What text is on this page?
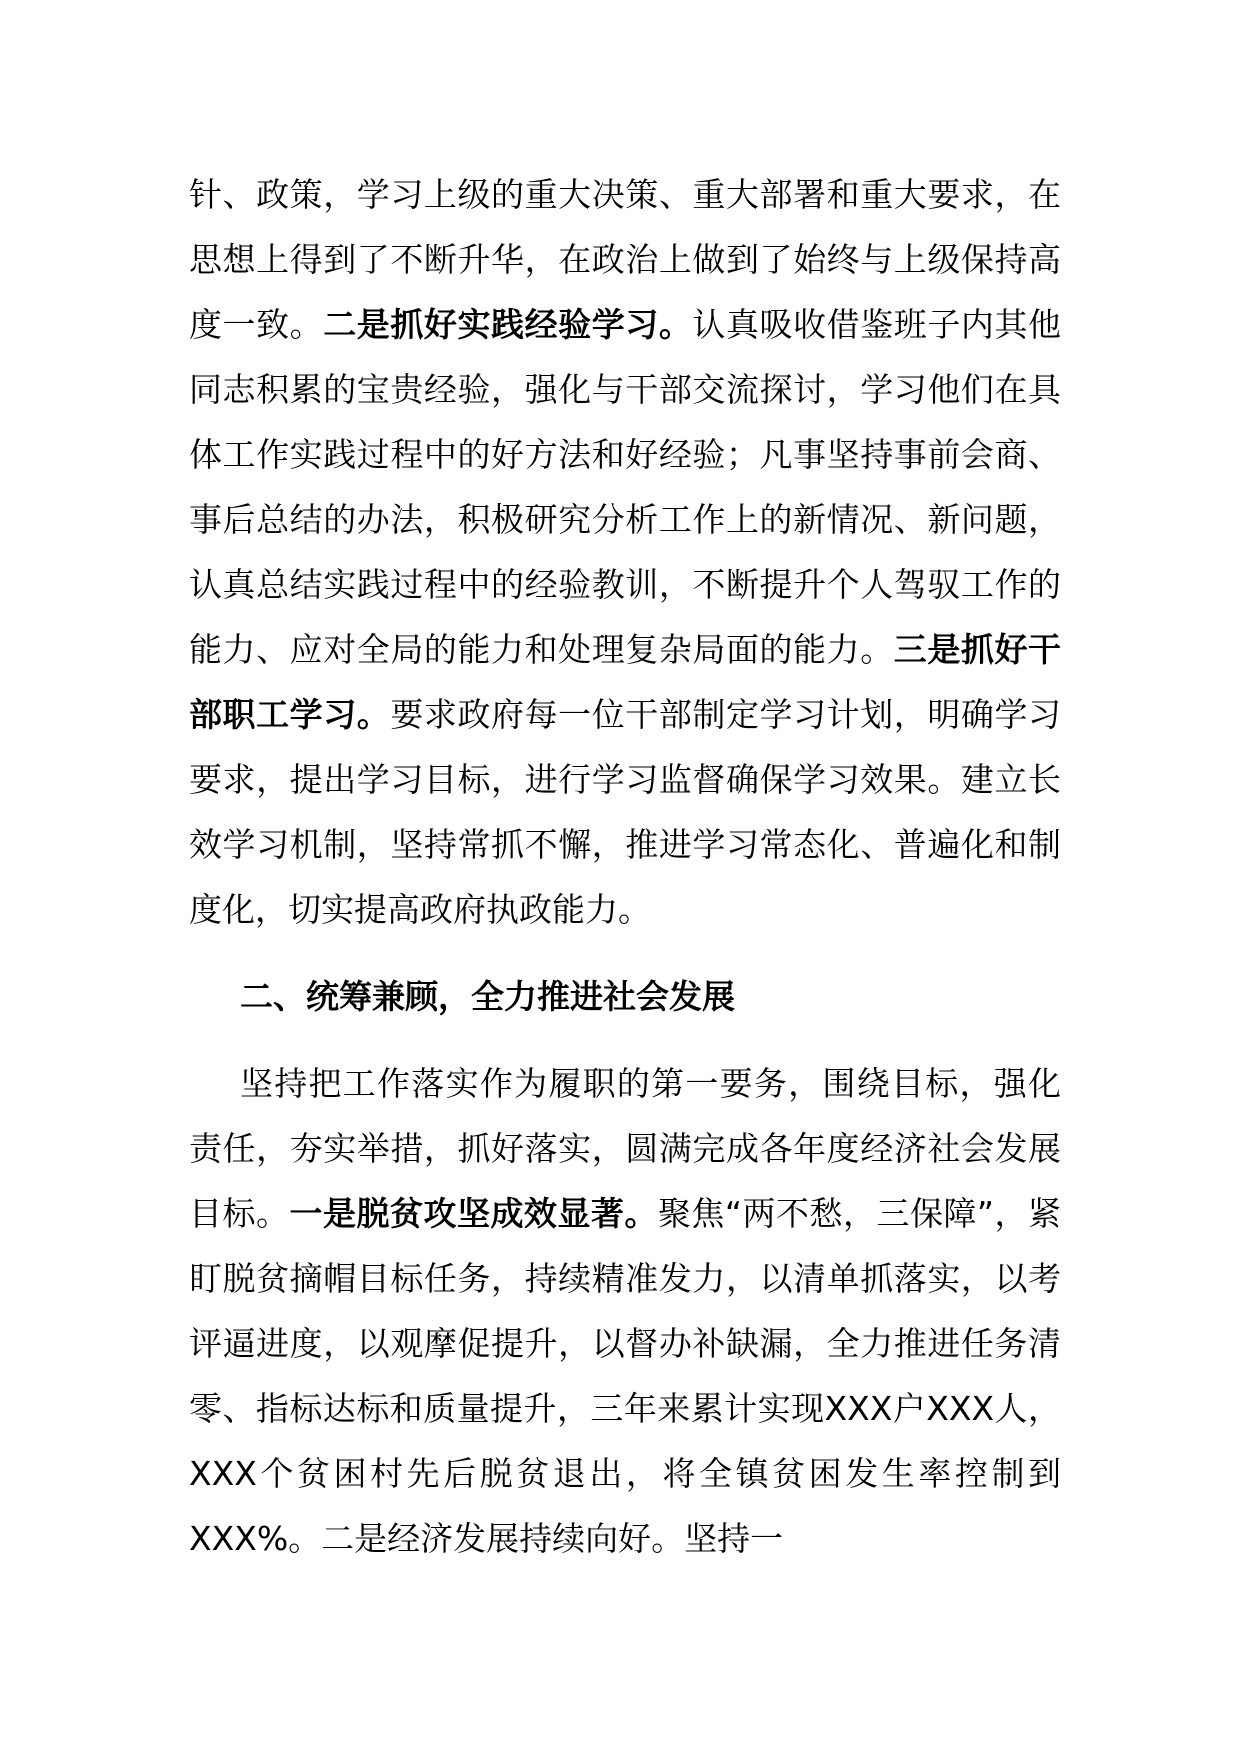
针、政策，学习上级的重大决策、重大部署和重大要求，在思想上得到了不断升华，在政治上做到了始终与上级保持高度一致。二是抓好实践经验学习。认真吸收借鉴班子内其他同志积累的宝贵经验，强化与干部交流探讨，学习他们在具体工作实践过程中的好方法和好经验；凡事坚持事前会商、事后总结的办法，积极研究分析工作上的新情况、新问题，认真总结实践过程中的经验教训，不断提升个人驾驭工作的能力、应对全局的能力和处理复杂局面的能力。三是抓好干部职工学习。要求政府每一位干部制定学习计划，明确学习要求，提出学习目标，进行学习监督确保学习效果。建立长效学习机制，坚持常抓不懈，推进学习常态化、普遍化和制度化，切实提高政府执政能力。

二、统筹兼顾，全力推进社会发展

坚持把工作落实作为履职的第一要务，围绕目标，强化责任，夯实举措，抓好落实，圆满完成各年度经济社会发展目标。一是脱贫攻坚成效显著。聚焦“两不愁，三保障”，紧盯脱贫摘帽目标任务，持续精准发力，以清单抓落实，以考评逼进度，以观摩促提升，以督办补缺漏，全力推进任务清零、指标达标和质量提升，三年来累计实现XXX户XXX人，XXX个贫困村先后脱贫退出，将全镇贫困发生率控制到XXX%。二是经济发展持续向好。坚持一
